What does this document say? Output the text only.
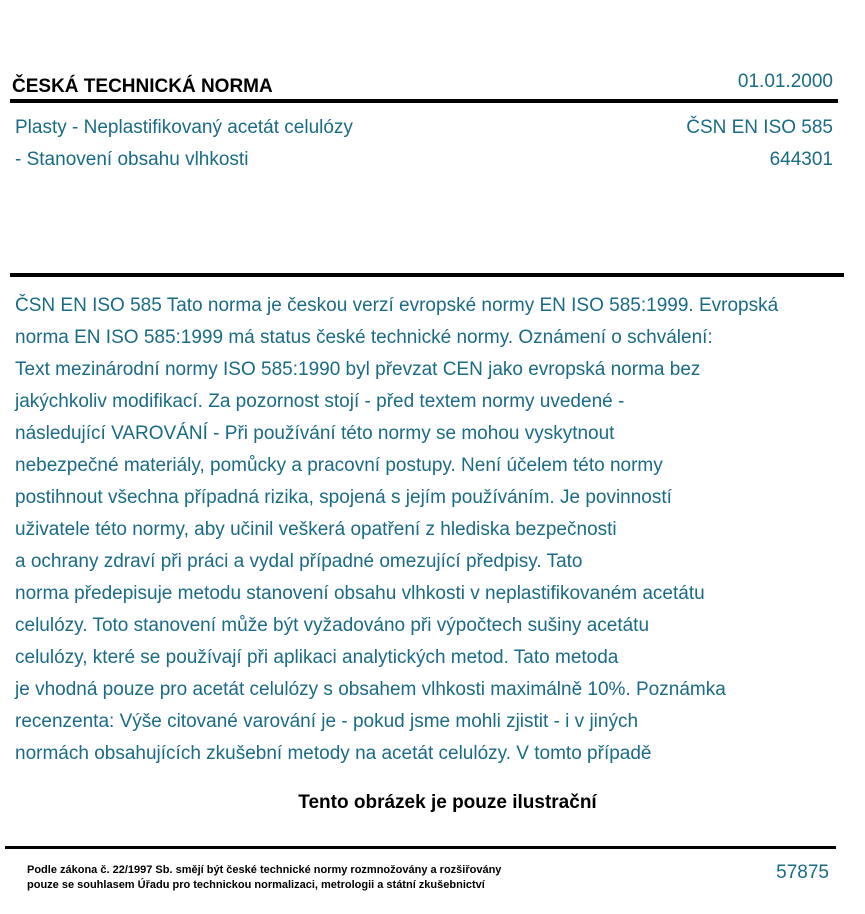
ČESKÁ TECHNICKÁ NORMA	01.01.2000
Plasty - Neplastifikovaný acetát celulózy
- Stanovení obsahu vlhkosti
ČSN EN ISO 585
644301
ČSN EN ISO 585 Tato norma je českou verzí evropské normy EN ISO 585:1999. Evropská
norma EN ISO 585:1999 má status české technické normy. Oznámení o schválení:
Text mezinárodní normy ISO 585:1990 byl převzat CEN jako evropská norma bez
jakýchkoliv modifikací. Za pozornost stojí - před textem normy uvedené -
následující VAROVÁNÍ - Při používání této normy se mohou vyskytnout
nebezpečné materiály, pomůcky a pracovní postupy. Není účelem této normy
postihnout všechna případná rizika, spojená s jejím používáním. Je povinností
uživatele této normy, aby učinil veškerá opatření z hlediska bezpečnosti
a ochrany zdraví při práci a vydal případné omezující předpisy. Tato
norma předepisuje metodu stanovení obsahu vlhkosti v neplastifikovaném acetátu
celulózy. Toto stanovení může být vyžadováno při výpočtech sušiny acetátu
celulózy, které se používají při aplikaci analytických metod. Tato metoda
je vhodná pouze pro acetát celulózy s obsahem vlhkosti maximálně 10%. Poznámka
recenzenta: Výše citované varování je - pokud jsme mohli zjistit - i v jiných
normách obsahujících zkušební metody na acetát celulózy. V tomto případě
Tento obrázek je pouze ilustrační
Podle zákona č. 22/1997 Sb. smějí být české technické normy rozmnožovány a rozšiřovány
pouze se souhlasem Úřadu pro technickou normalizaci, metrologii a státní zkušebnictví
57875
